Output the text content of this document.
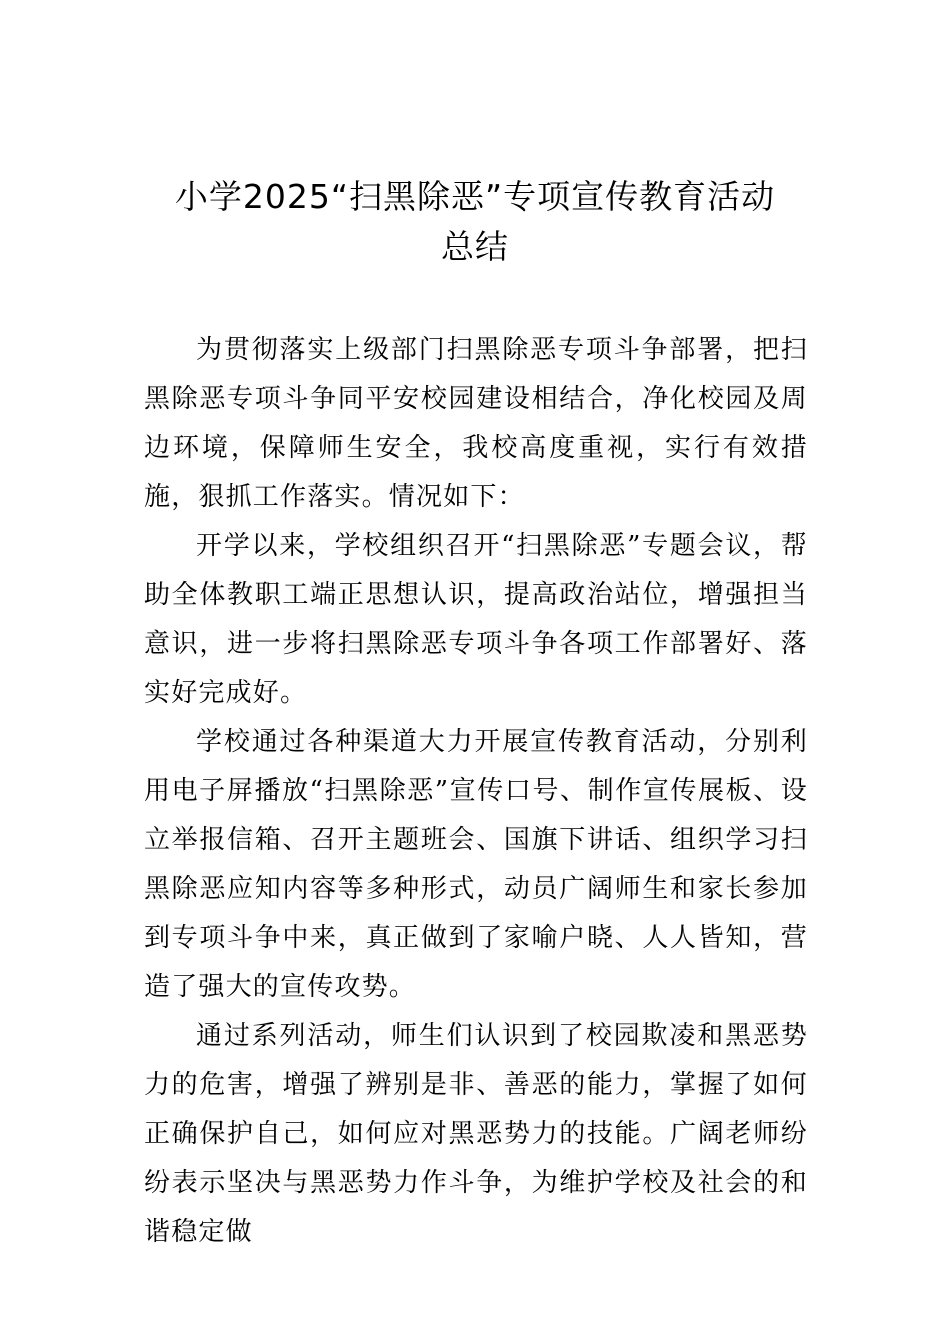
小学2025“扫黑除恶”专项宣传教育活动

总结

为贯彻落实上级部门扫黑除恶专项斗争部署，把扫黑除恶专项斗争同平安校园建设相结合，净化校园及周边环境，保障师生安全，我校高度重视，实行有效措施，狠抓工作落实。情况如下：

开学以来，学校组织召开“扫黑除恶”专题会议，帮助全体教职工端正思想认识，提高政治站位，增强担当意识，进一步将扫黑除恶专项斗争各项工作部署好、落实好完成好。

学校通过各种渠道大力开展宣传教育活动，分别利用电子屏播放“扫黑除恶”宣传口号、制作宣传展板、设立举报信箱、召开主题班会、国旗下讲话、组织学习扫黑除恶应知内容等多种形式，动员广阔师生和家长参加到专项斗争中来，真正做到了家喻户晓、人人皆知，营造了强大的宣传攻势。

通过系列活动，师生们认识到了校园欺凌和黑恶势力的危害，增强了辨别是非、善恶的能力，掌握了如何正确保护自己，如何应对黑恶势力的技能。广阔老师纷纷表示坚决与黑恶势力作斗争，为维护学校及社会的和谐稳定做
